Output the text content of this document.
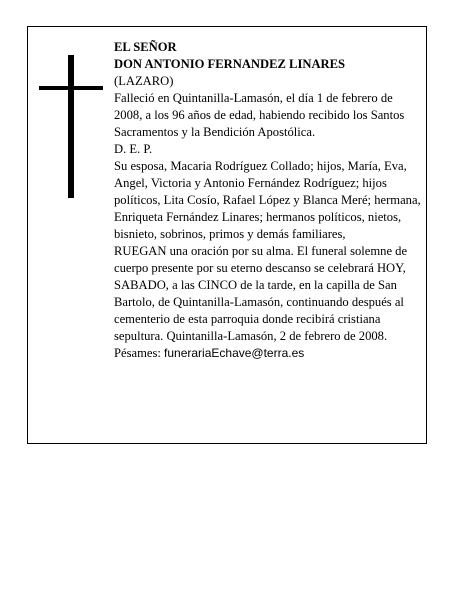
EL SEÑOR

DON ANTONIO FERNANDEZ LINARES

(LAZARO)

Falleció en Quintanilla-Lamasón, el día 1 de febrero de 2008, a los 96 años de edad, habiendo recibido los Santos Sacramentos y la Bendición Apostólica.

D. E. P.

Su esposa, Macaria Rodríguez Collado; hijos, María, Eva, Angel, Victoria y Antonio Fernández Rodríguez; hijos políticos, Lita Cosío, Rafael López y Blanca Meré; hermana, Enriqueta Fernández Linares; hermanos políticos, nietos, bisnieto, sobrinos, primos y demás familiares,

RUEGAN una oración por su alma. El funeral solemne de cuerpo presente por su eterno descanso se celebrará HOY, SABADO, a las CINCO de la tarde, en la capilla de San Bartolo, de Quintanilla-Lamasón, continuando después al cementerio de esta parroquia donde recibirá cristiana sepultura. Quintanilla-Lamasón, 2 de febrero de 2008.

Pésames: funerariaEchave@terra.es
